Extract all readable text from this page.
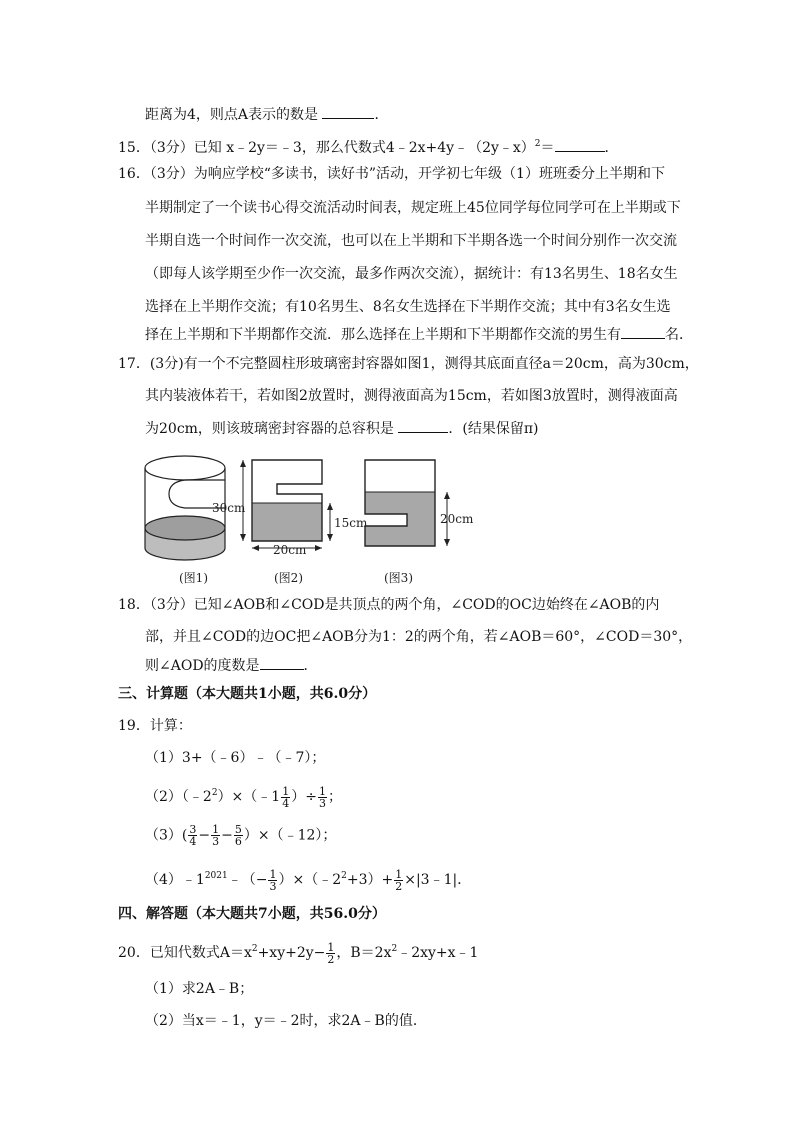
距离为4，则点A表示的数是	．
15．（3分）已知 x﹣2y＝﹣3，那么代数式4﹣2x+4y﹣（2y﹣x）$^2$＝	．
16．（3分）为响应学校“多读书，读好书”活动，开学初七年级（1）班班委分上半期和下
半期制定了一个读书心得交流活动时间表，规定班上45位同学每位同学可在上半期或下
半期自选一个时间作一次交流，也可以在上半期和下半期各选一个时间分别作一次交流
（即每人该学期至少作一次交流，最多作两次交流），据统计：有13名男生、18名女生
选择在上半期作交流；有10名男生、8名女生选择在下半期作交流；其中有3名女生选
择在上半期和下半期都作交流．那么选择在上半期和下半期都作交流的男生有	名．
17．(3分)有一个不完整圆柱形玻璃密封容器如图1，测得其底面直径a＝20cm，高为30cm，
其内装液体若干，若如图2放置时，测得液面高为15cm，若如图3放置时，测得液面高
为20cm，则该玻璃密封容器的总容积是	．(结果保留π)
(图1)
30cm
15cm
20cm
(图2)
20cm
(图3)
18．（3分）已知∠AOB和∠COD是共顶点的两个角，∠COD的OC边始终在∠AOB的内
部，并且∠COD的边OC把∠AOB分为1：2的两个角，若∠AOB＝60°，∠COD＝30°，
则∠AOD的度数是	．
三、计算题（本大题共1小题，共6.0分）
19．计算：
（1）3+（﹣6）﹣（﹣7）；
$(2)(﹣2^2)\times(﹣1 \frac{1}{4}$ ）÷ $\frac{1}{3}$ ；
$(3)( \frac{3}{4} - \frac{1}{3} - \frac{5}{6}$ ）×（﹣12）；
$(4)﹣1^{2021}﹣(- \frac{1}{3}$ ）$\times(﹣2^2+3)+ \frac{1}{2}$ ×|3﹣1|．
四、解答题（本大题共7小题，共56.0分）
20．已知代数式$A=x^2+xy+2y- \frac{1}{2}$ ，$B=2x^2﹣2xy+x﹣1$
（1）求2A﹣B；
（2）当x＝﹣1，y＝﹣2时，求2A﹣B的值．
